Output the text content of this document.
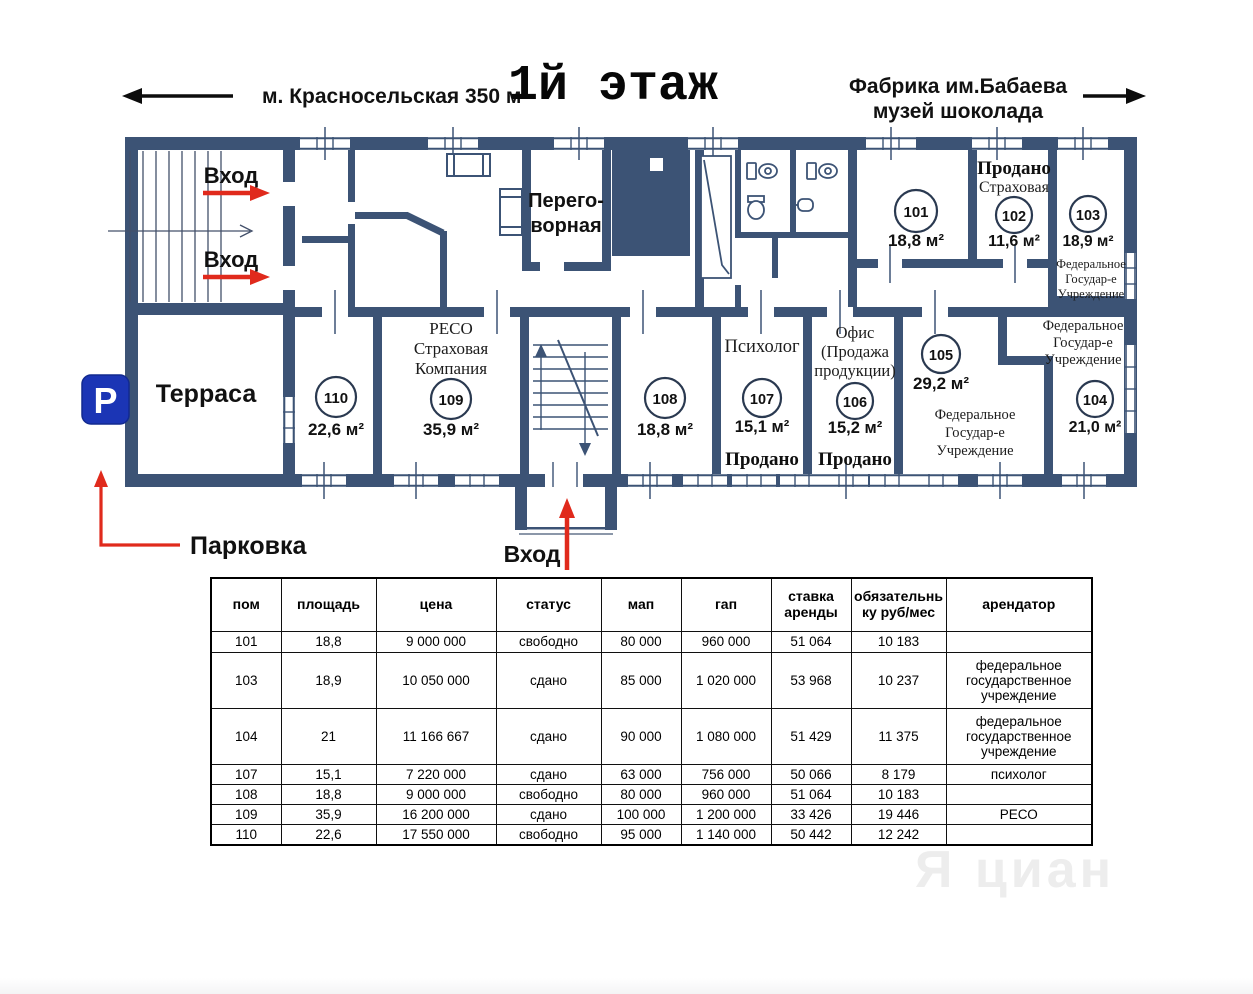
м. Красносельская 350 м
1й этаж	Фабрика им.Бабаева
музей шоколада
P
Вход
Вход
Терраса
Вход
Парковка
Перего-
ворная
101
18,8 м²
Продано
Страховая
102
11,6 м²
103
18,9 м²
Федеральное
Государ-е
Учреждение
110
22,6 м²
РЕСО
Страховая
Компания
109
35,9 м²
108
18,8 м²
Психолог
107
15,1 м²
Продано
Офис
(Продажа
продукции)
106
15,2 м²
Продано
105
29,2 м²
Федеральное
Государ-е
Учреждение
Федеральное
Государ-е
Учреждение
104
21,0 м²
пом	площадь	цена	статус	мап	гап	ставка аренды	обязательнь ку руб/мес	арендатор
101	18,8	9 000 000	свободно	80 000	960 000	51 064	10 183	
103	18,9	10 050 000	сдано	85 000	1 020 000	53 968	10 237	федеральное государственное учреждение
104	21	11 166 667	сдано	90 000	1 080 000	51 429	11 375	федеральное государственное учреждение
107	15,1	7 220 000	сдано	63 000	756 000	50 066	8 179	психолог
108	18,8	9 000 000	свободно	80 000	960 000	51 064	10 183	
109	35,9	16 200 000	сдано	100 000	1 200 000	33 426	19 446	РЕСО
110	22,6	17 550 000	свободно	95 000	1 140 000	50 442	12 242	
Я циан
